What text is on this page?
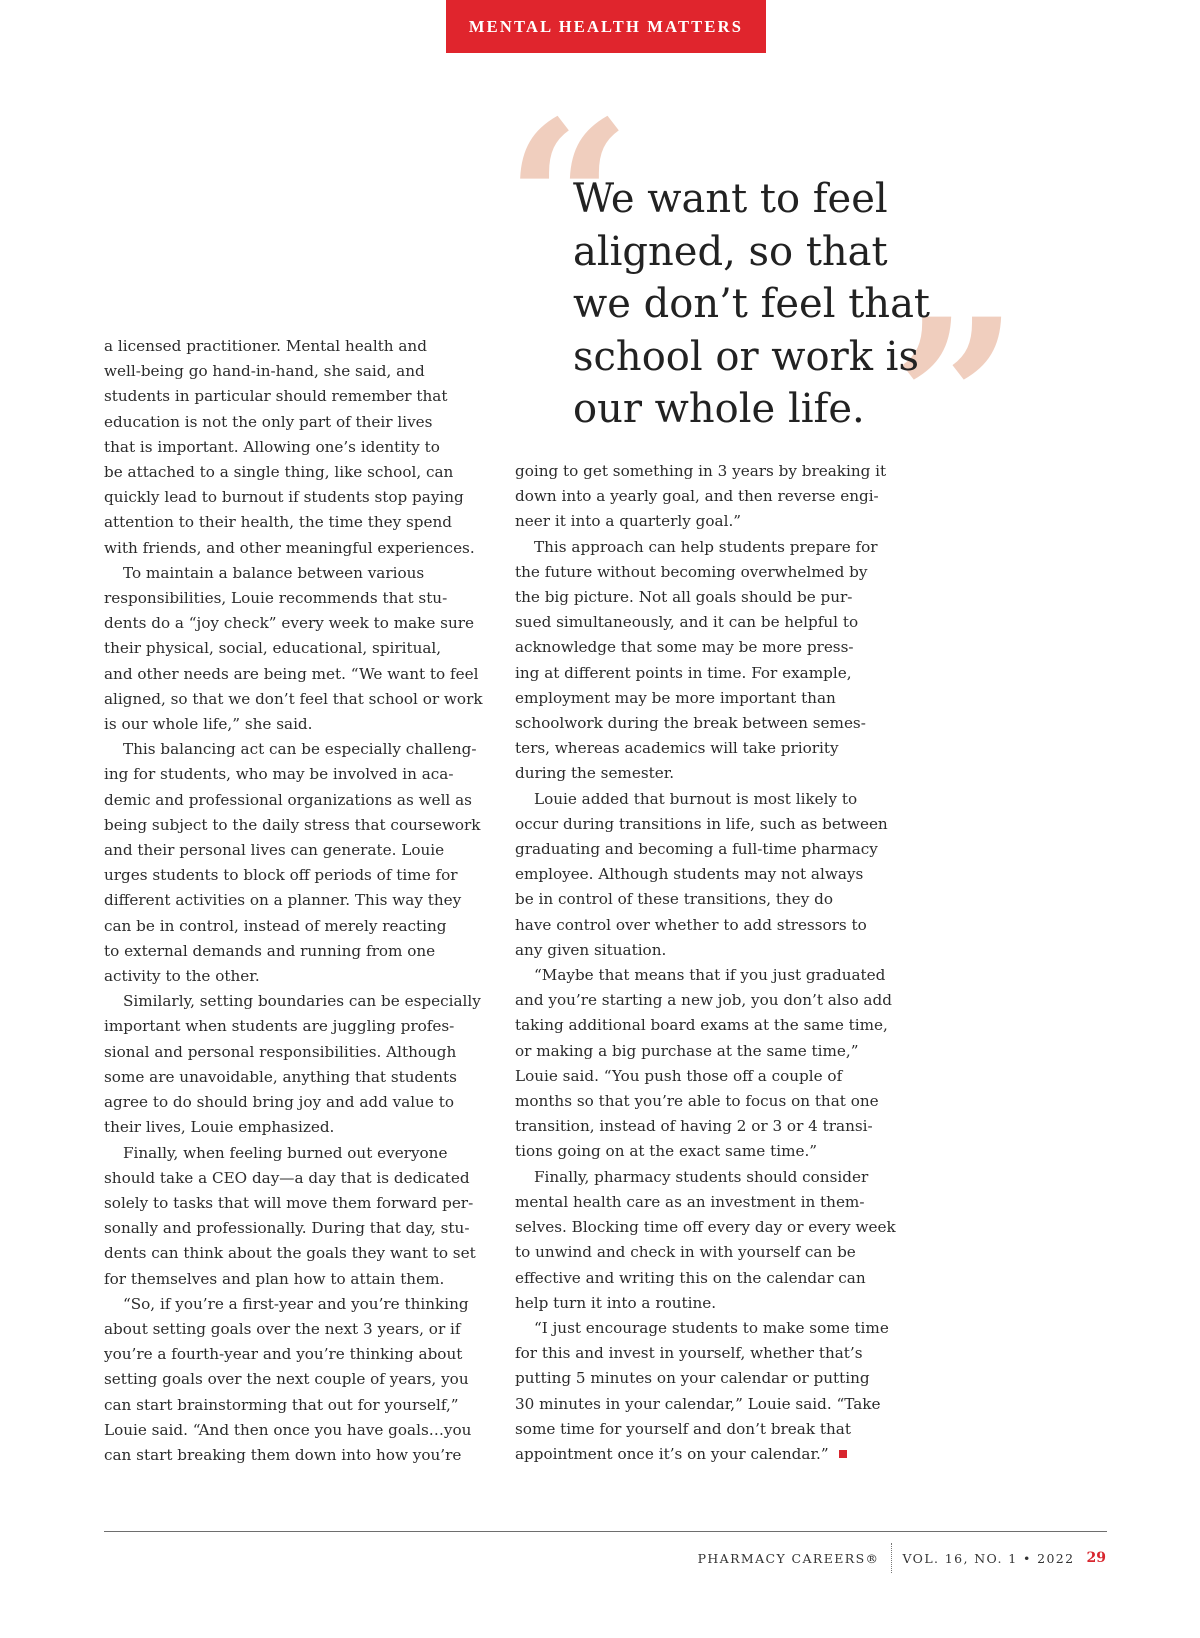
MENTAL HEALTH MATTERS
“
”
We want to feel
aligned, so that
we don’t feel that
school or work is
our whole life.
a licensed practitioner. Mental health and
well-being go hand-in-hand, she said, and
students in particular should remember that
education is not the only part of their lives
that is important. Allowing one’s identity to
be attached to a single thing, like school, can
quickly lead to burnout if students stop paying
attention to their health, the time they spend
with friends, and other meaningful experiences.
To maintain a balance between various
responsibilities, Louie recommends that stu-
dents do a “joy check” every week to make sure
their physical, social, educational, spiritual,
and other needs are being met. “We want to feel
aligned, so that we don’t feel that school or work
is our whole life,” she said.
This balancing act can be especially challeng-
ing for students, who may be involved in aca-
demic and professional organizations as well as
being subject to the daily stress that coursework
and their personal lives can generate. Louie
urges students to block off periods of time for
different activities on a planner. This way they
can be in control, instead of merely reacting
to external demands and running from one
activity to the other.
Similarly, setting boundaries can be especially
important when students are juggling profes-
sional and personal responsibilities. Although
some are unavoidable, anything that students
agree to do should bring joy and add value to
their lives, Louie emphasized.
Finally, when feeling burned out everyone
should take a CEO day—a day that is dedicated
solely to tasks that will move them forward per-
sonally and professionally. During that day, stu-
dents can think about the goals they want to set
for themselves and plan how to attain them.
“So, if you’re a first-year and you’re thinking
about setting goals over the next 3 years, or if
you’re a fourth-year and you’re thinking about
setting goals over the next couple of years, you
can start brainstorming that out for yourself,”
Louie said. “And then once you have goals…you
can start breaking them down into how you’re
going to get something in 3 years by breaking it
down into a yearly goal, and then reverse engi-
neer it into a quarterly goal.”
This approach can help students prepare for
the future without becoming overwhelmed by
the big picture. Not all goals should be pur-
sued simultaneously, and it can be helpful to
acknowledge that some may be more press-
ing at different points in time. For example,
employment may be more important than
schoolwork during the break between semes-
ters, whereas academics will take priority
during the semester.
Louie added that burnout is most likely to
occur during transitions in life, such as between
graduating and becoming a full-time pharmacy
employee. Although students may not always
be in control of these transitions, they do
have control over whether to add stressors to
any given situation.
“Maybe that means that if you just graduated
and you’re starting a new job, you don’t also add
taking additional board exams at the same time,
or making a big purchase at the same time,”
Louie said. “You push those off a couple of
months so that you’re able to focus on that one
transition, instead of having 2 or 3 or 4 transi-
tions going on at the exact same time.”
Finally, pharmacy students should consider
mental health care as an investment in them-
selves. Blocking time off every day or every week
to unwind and check in with yourself can be
effective and writing this on the calendar can
help turn it into a routine.
“I just encourage students to make some time
for this and invest in yourself, whether that’s
putting 5 minutes on your calendar or putting
30 minutes in your calendar,” Louie said. “Take
some time for yourself and don’t break that
appointment once it’s on your calendar.”
PHARMACY CAREERS® VOL. 16, NO. 1 • 2022 29
